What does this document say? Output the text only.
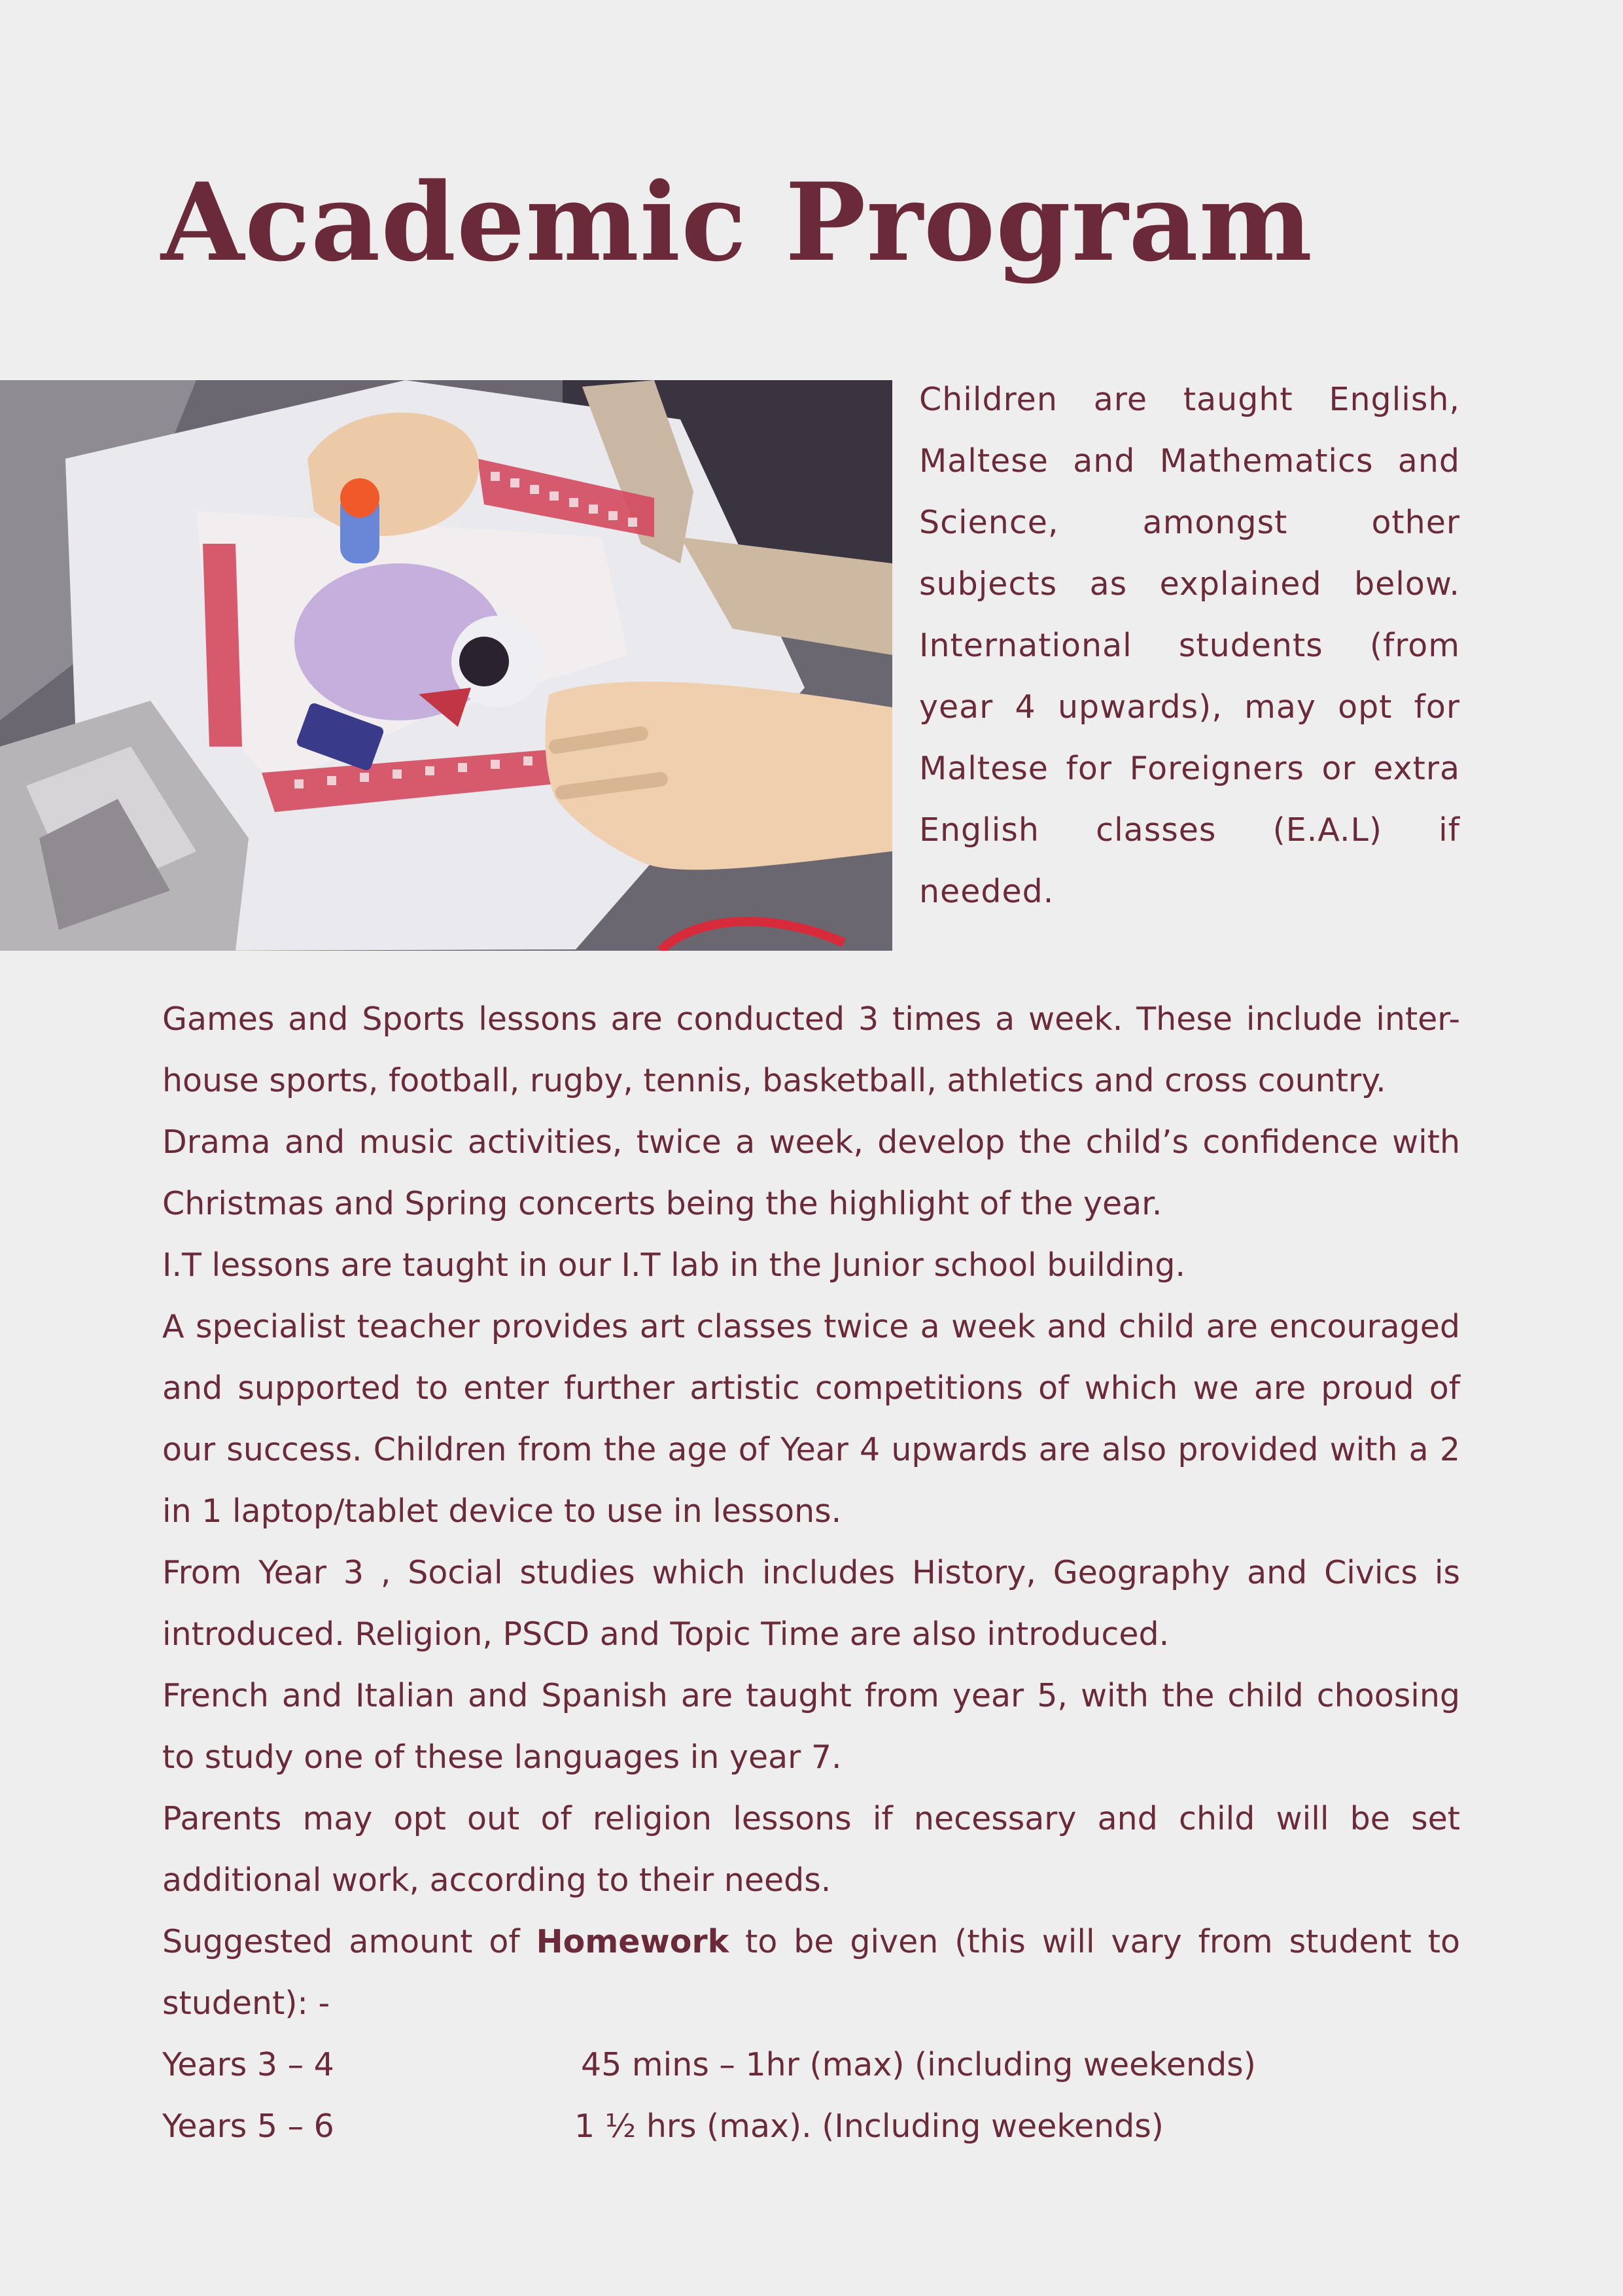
Academic Program

Children are taught English, Maltese and Mathematics and Science, amongst other subjects as explained below. International students (from year 4 upwards), may opt for Maltese for Foreigners or extra English classes (E.A.L) if needed.

Games and Sports lessons are conducted 3 times a week. These include inter-house sports, football, rugby, tennis, basketball, athletics and cross country.

Drama and music activities, twice a week, develop the child’s confidence with Christmas and Spring concerts being the highlight of the year.

I.T lessons are taught in our I.T lab in the Junior school building.

A specialist teacher provides art classes twice a week and child are encouraged and supported to enter further artistic competitions of which we are proud of our success. Children from the age of Year 4 upwards are also provided with a 2 in 1 laptop/tablet device to use in lessons.

From Year 3 , Social studies which includes History, Geography and Civics is introduced. Religion, PSCD and Topic Time are also introduced.

French and Italian and Spanish are taught from year 5, with the child choosing to study one of these languages in year 7.

Parents may opt out of religion lessons if necessary and child will be set additional work, according to their needs.

Suggested amount of Homework to be given (this will vary from student to student): -

Years 3 – 4	45 mins – 1hr (max) (including weekends)
Years 5 – 6	1 ½ hrs (max). (Including weekends)
